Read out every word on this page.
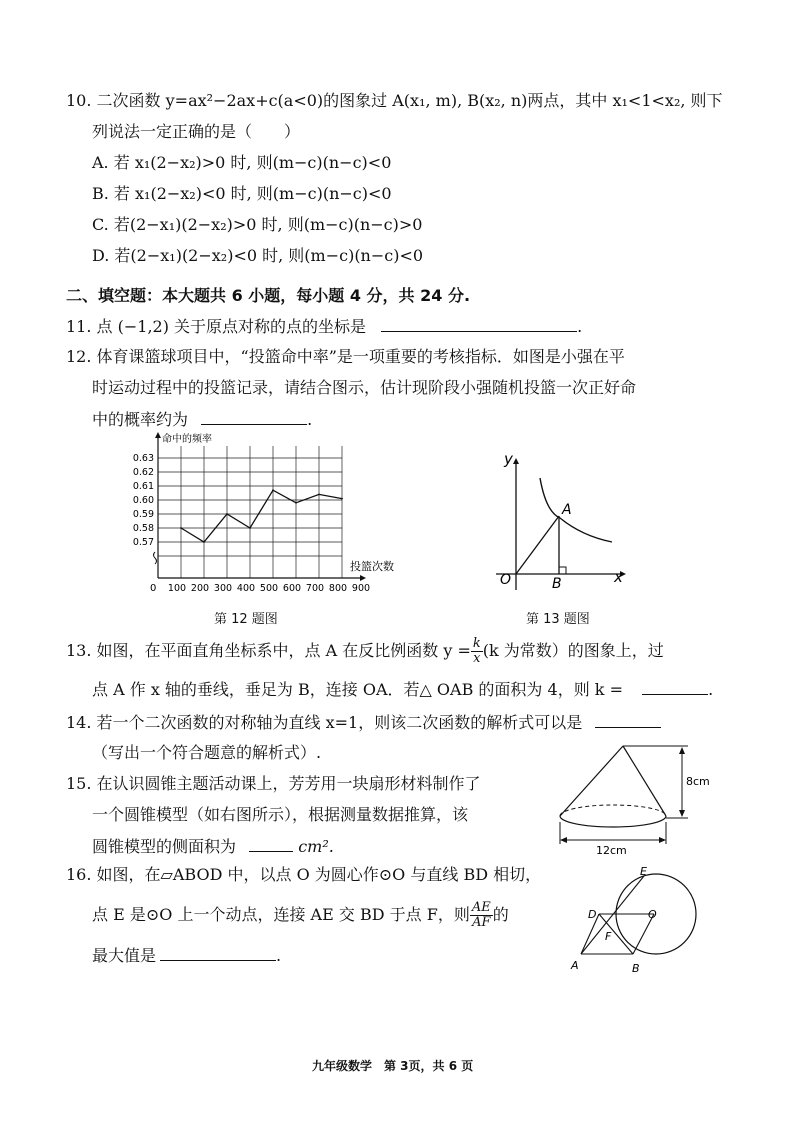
10. 二次函数 y=ax²−2ax+c(a<0)的图象过 A(x₁, m), B(x₂, n)两点，其中 x₁<1<x₂, 则下
列说法一定正确的是（　　）
A. 若 x₁(2−x₂)>0 时, 则(m−c)(n−c)<0
B. 若 x₁(2−x₂)<0 时, 则(m−c)(n−c)<0
C. 若(2−x₁)(2−x₂)>0 时, 则(m−c)(n−c)>0
D. 若(2−x₁)(2−x₂)<0 时, 则(m−c)(n−c)<0
二、填空题：本大题共 6 小题，每小题 4 分，共 24 分.
11. 点 (−1,2) 关于原点对称的点的坐标是	.
12. 体育课篮球项目中，“投篮命中率”是一项重要的考核指标．如图是小强在平
时运动过程中的投篮记录，请结合图示，估计现阶段小强随机投篮一次正好命
中的概率约为	.
0.63
0.62
0.61
0.60
0.59
0.58
0.57
命中的频率
投篮次数
0 100 200 300 400 500 600 700 800 900
第 12 题图
y
x
O
A
B
第 13 题图
13. 如图，在平面直角坐标系中，点 A 在反比例函数 $y = \frac{k}{x} (k$ 为常数）的图象上，过
点 A 作 x 轴的垂线，垂足为 B，连接 OA．若△ OAB 的面积为 4，则 k =	.
14. 若一个二次函数的对称轴为直线 x=1，则该二次函数的解析式可以是
（写出一个符合题意的解析式）.
15. 在认识圆锥主题活动课上，芳芳用一块扇形材料制作了
一个圆锥模型（如右图所示），根据测量数据推算，该
圆锥模型的侧面积为	cm².
8cm
12cm
16. 如图，在▱ABOD 中，以点 O 为圆心作⊙O 与直线 BD 相切，
点 E 是⊙O 上一个动点，连接 AE 交 BD 于点 F，则 $\frac{AE}{AF}$ 的
最大值是	.
E
D	O
F
A	B
九年级数学　第 3页，共 6 页
